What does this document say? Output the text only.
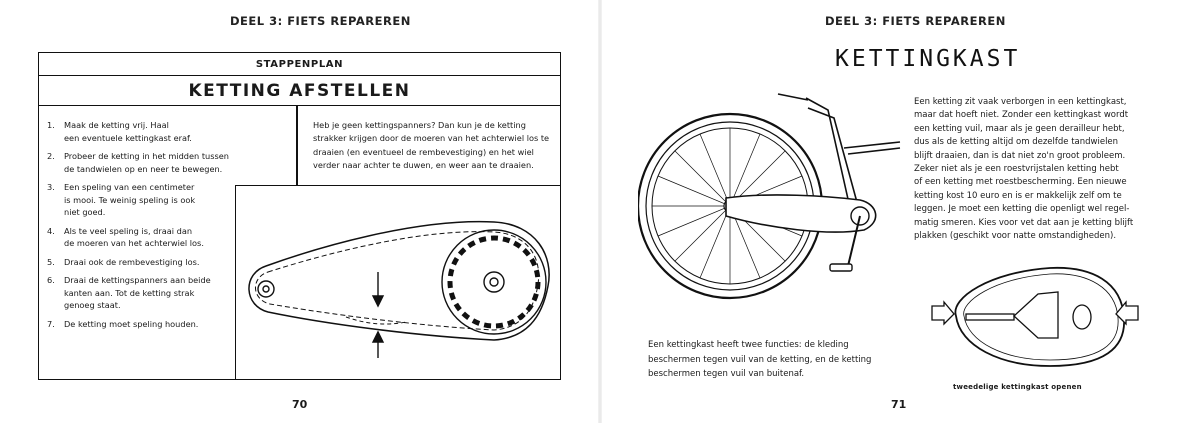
DEEL 3: FIETS REPAREREN
STAPPENPLAN
KETTING AFSTELLEN
1.	Maak de ketting vrij. Haal
een eventuele kettingkast eraf.
2.	Probeer de ketting in het midden tussen
de tandwielen op en neer te bewegen.
3.	Een speling van een centimeter
is mooi. Te weinig speling is ook
niet goed.
4.	Als te veel speling is, draai dan
de moeren van het achterwiel los.
5.	Draai ook de rembevestiging los.
6.	Draai de kettingspanners aan beide
kanten aan. Tot de ketting strak
genoeg staat.
7.	De ketting moet speling houden.
Heb je geen kettingspanners? Dan kun je de ketting strakker krijgen door de moeren van het achterwiel los te draaien (en eventueel de rembevestiging) en het wiel verder naar achter te duwen, en weer aan te draaien.
70
DEEL 3: FIETS REPAREREN
KETTINGKAST
Een ketting zit vaak verborgen in een kettingkast,
maar dat hoeft niet. Zonder een kettingkast wordt
een ketting vuil, maar als je geen derailleur hebt,
dus als de ketting altijd om dezelfde tandwielen
blijft draaien, dan is dat niet zo'n groot probleem.
Zeker niet als je een roestvrijstalen ketting hebt
of een ketting met roestbescherming. Een nieuwe
ketting kost 10 euro en is er makkelijk zelf om te
leggen. Je moet een ketting die openligt wel regel-
matig smeren. Kies voor vet dat aan je ketting blijft
plakken (geschikt voor natte omstandigheden).
Een kettingkast heeft twee functies: de kleding
beschermen tegen vuil van de ketting, en de ketting
beschermen tegen vuil van buitenaf.
tweedelige kettingkast openen
71
